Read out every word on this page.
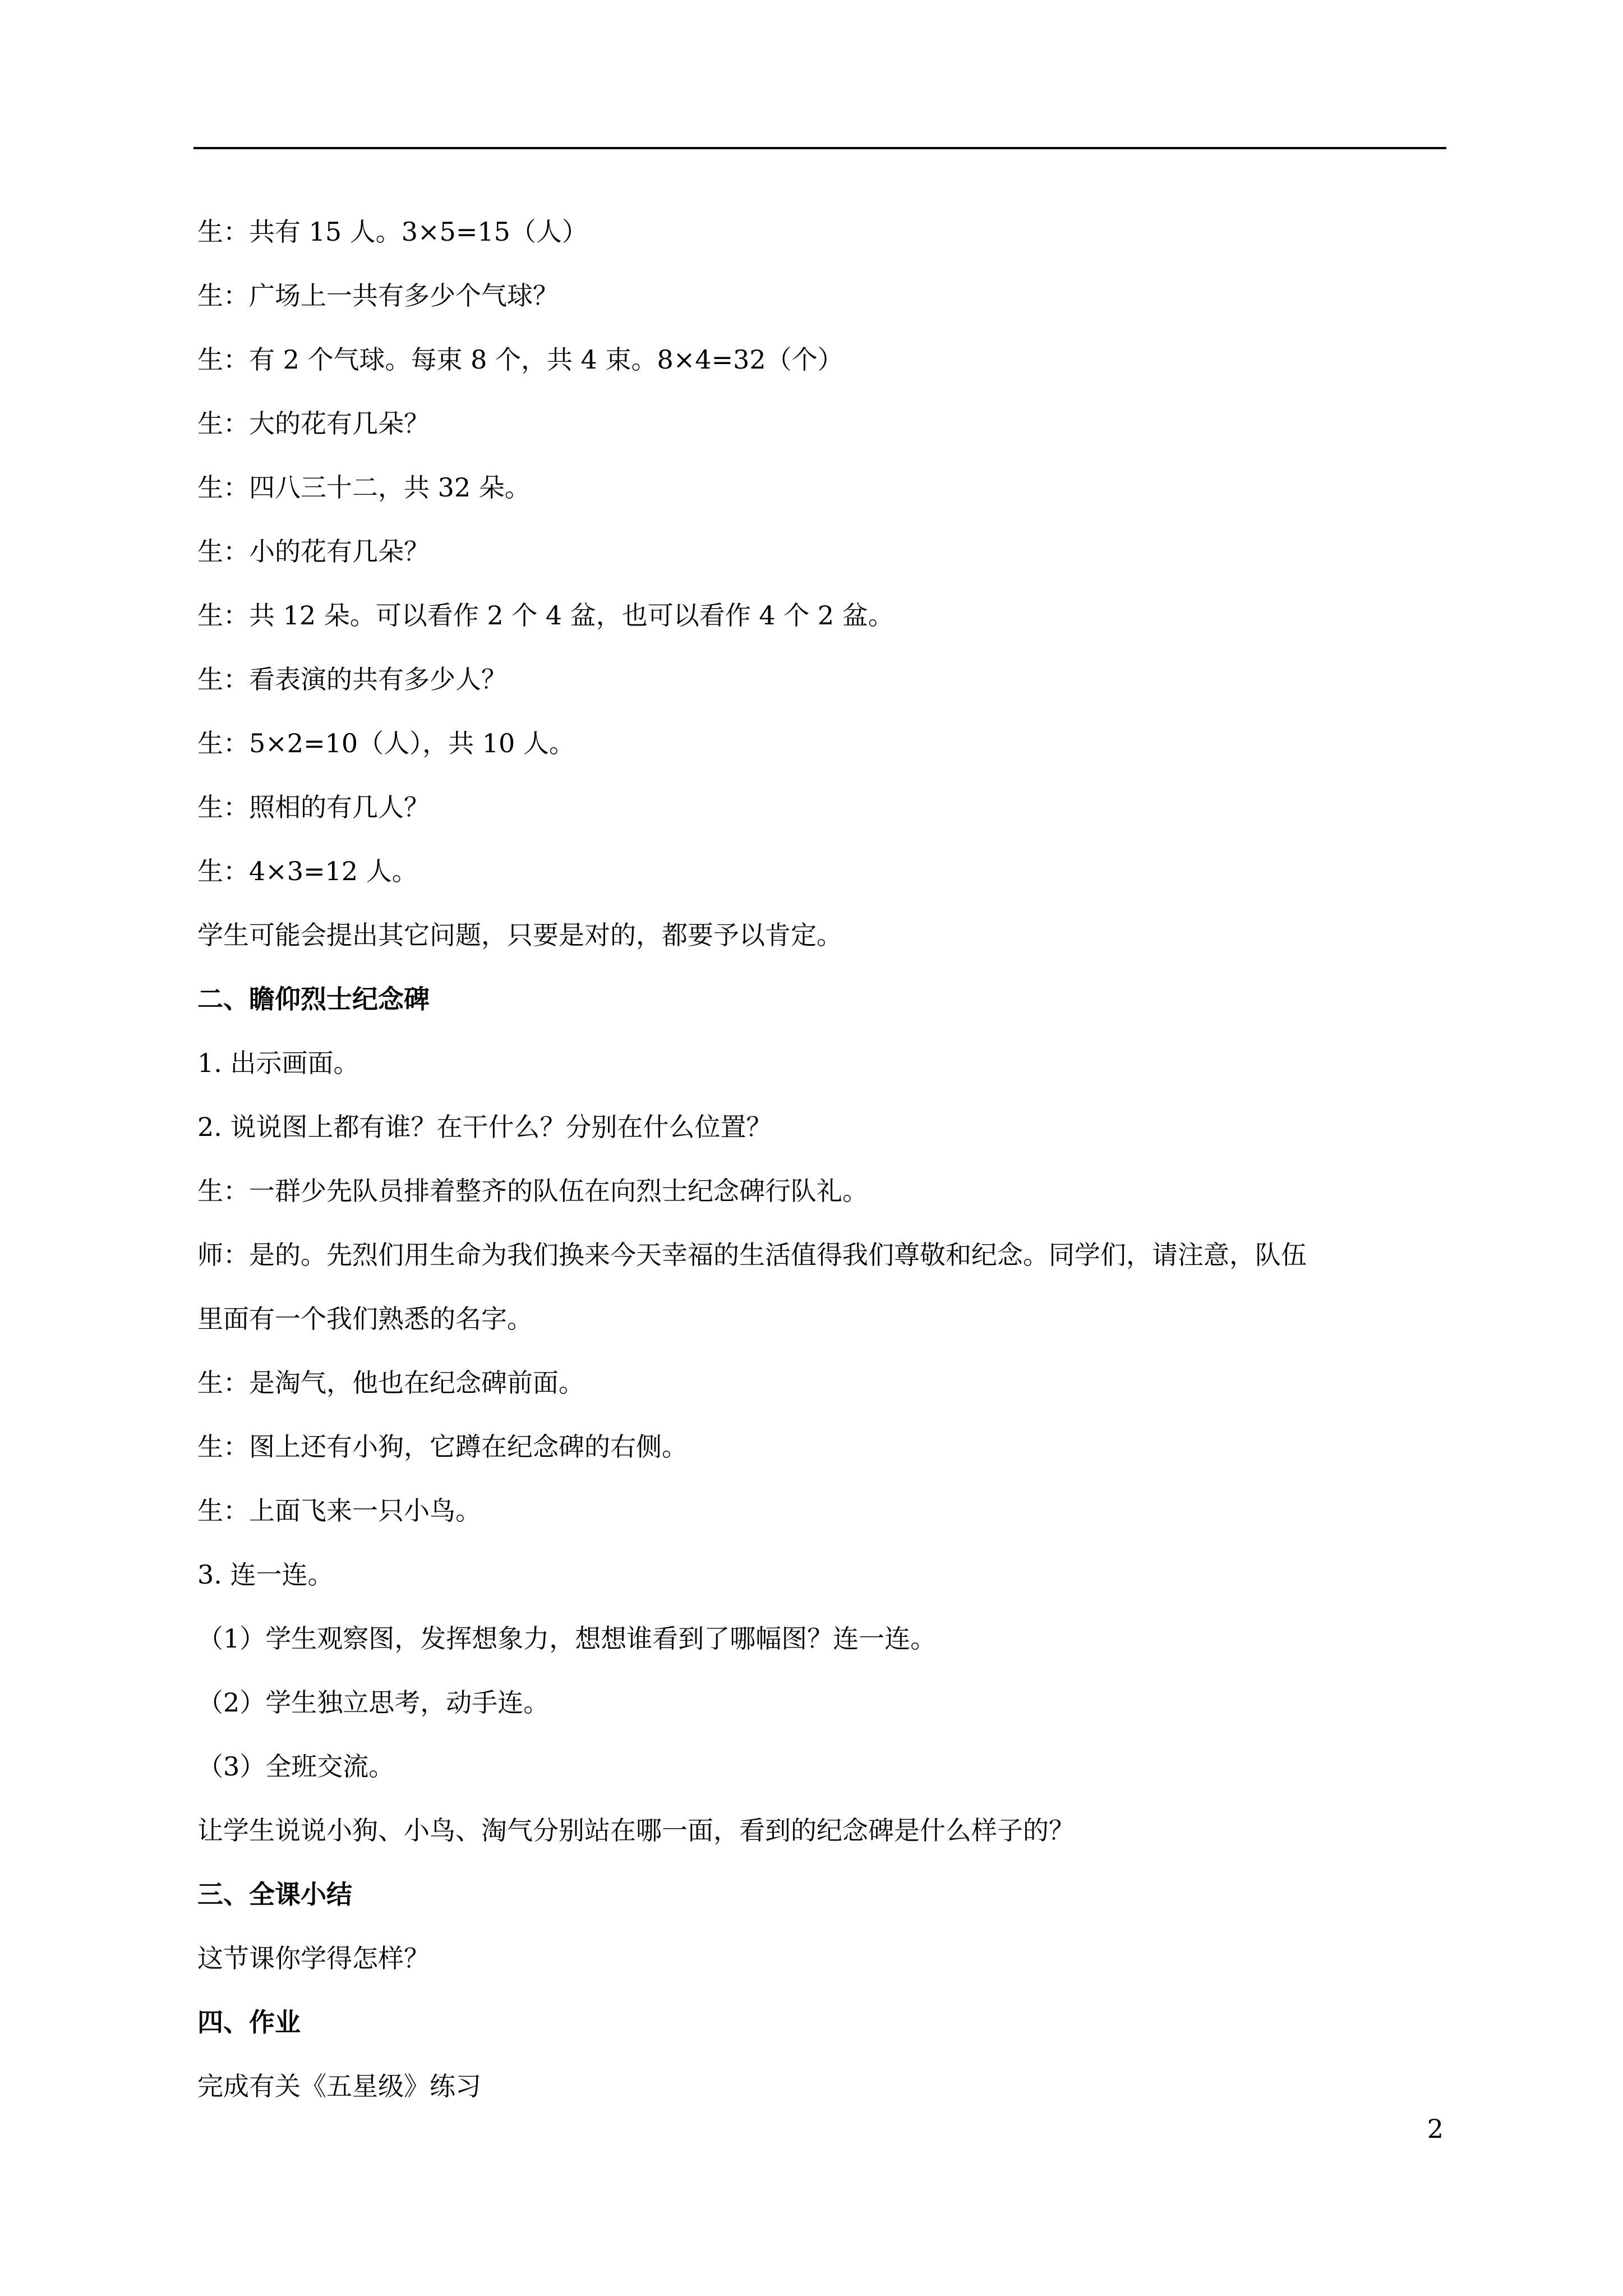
生：共有 15 人。3×5=15（人）

生：广场上一共有多少个气球？

生：有 2 个气球。每束 8 个，共 4 束。8×4=32（个）

生：大的花有几朵？

生：四八三十二，共 32 朵。

生：小的花有几朵？

生：共 12 朵。可以看作 2 个 4 盆，也可以看作 4 个 2 盆。

生：看表演的共有多少人？

生：5×2=10（人），共 10 人。

生：照相的有几人？

生：4×3=12 人。

学生可能会提出其它问题，只要是对的，都要予以肯定。

二、瞻仰烈士纪念碑

1. 出示画面。

2. 说说图上都有谁？在干什么？分别在什么位置？

生：一群少先队员排着整齐的队伍在向烈士纪念碑行队礼。

师：是的。先烈们用生命为我们换来今天幸福的生活值得我们尊敬和纪念。同学们，请注意，队伍

里面有一个我们熟悉的名字。

生：是淘气，他也在纪念碑前面。

生：图上还有小狗，它蹲在纪念碑的右侧。

生：上面飞来一只小鸟。

3. 连一连。

（1）学生观察图，发挥想象力，想想谁看到了哪幅图？连一连。

（2）学生独立思考，动手连。

（3）全班交流。

让学生说说小狗、小鸟、淘气分别站在哪一面，看到的纪念碑是什么样子的？

三、全课小结

这节课你学得怎样？

四、作业

完成有关《五星级》练习

2
